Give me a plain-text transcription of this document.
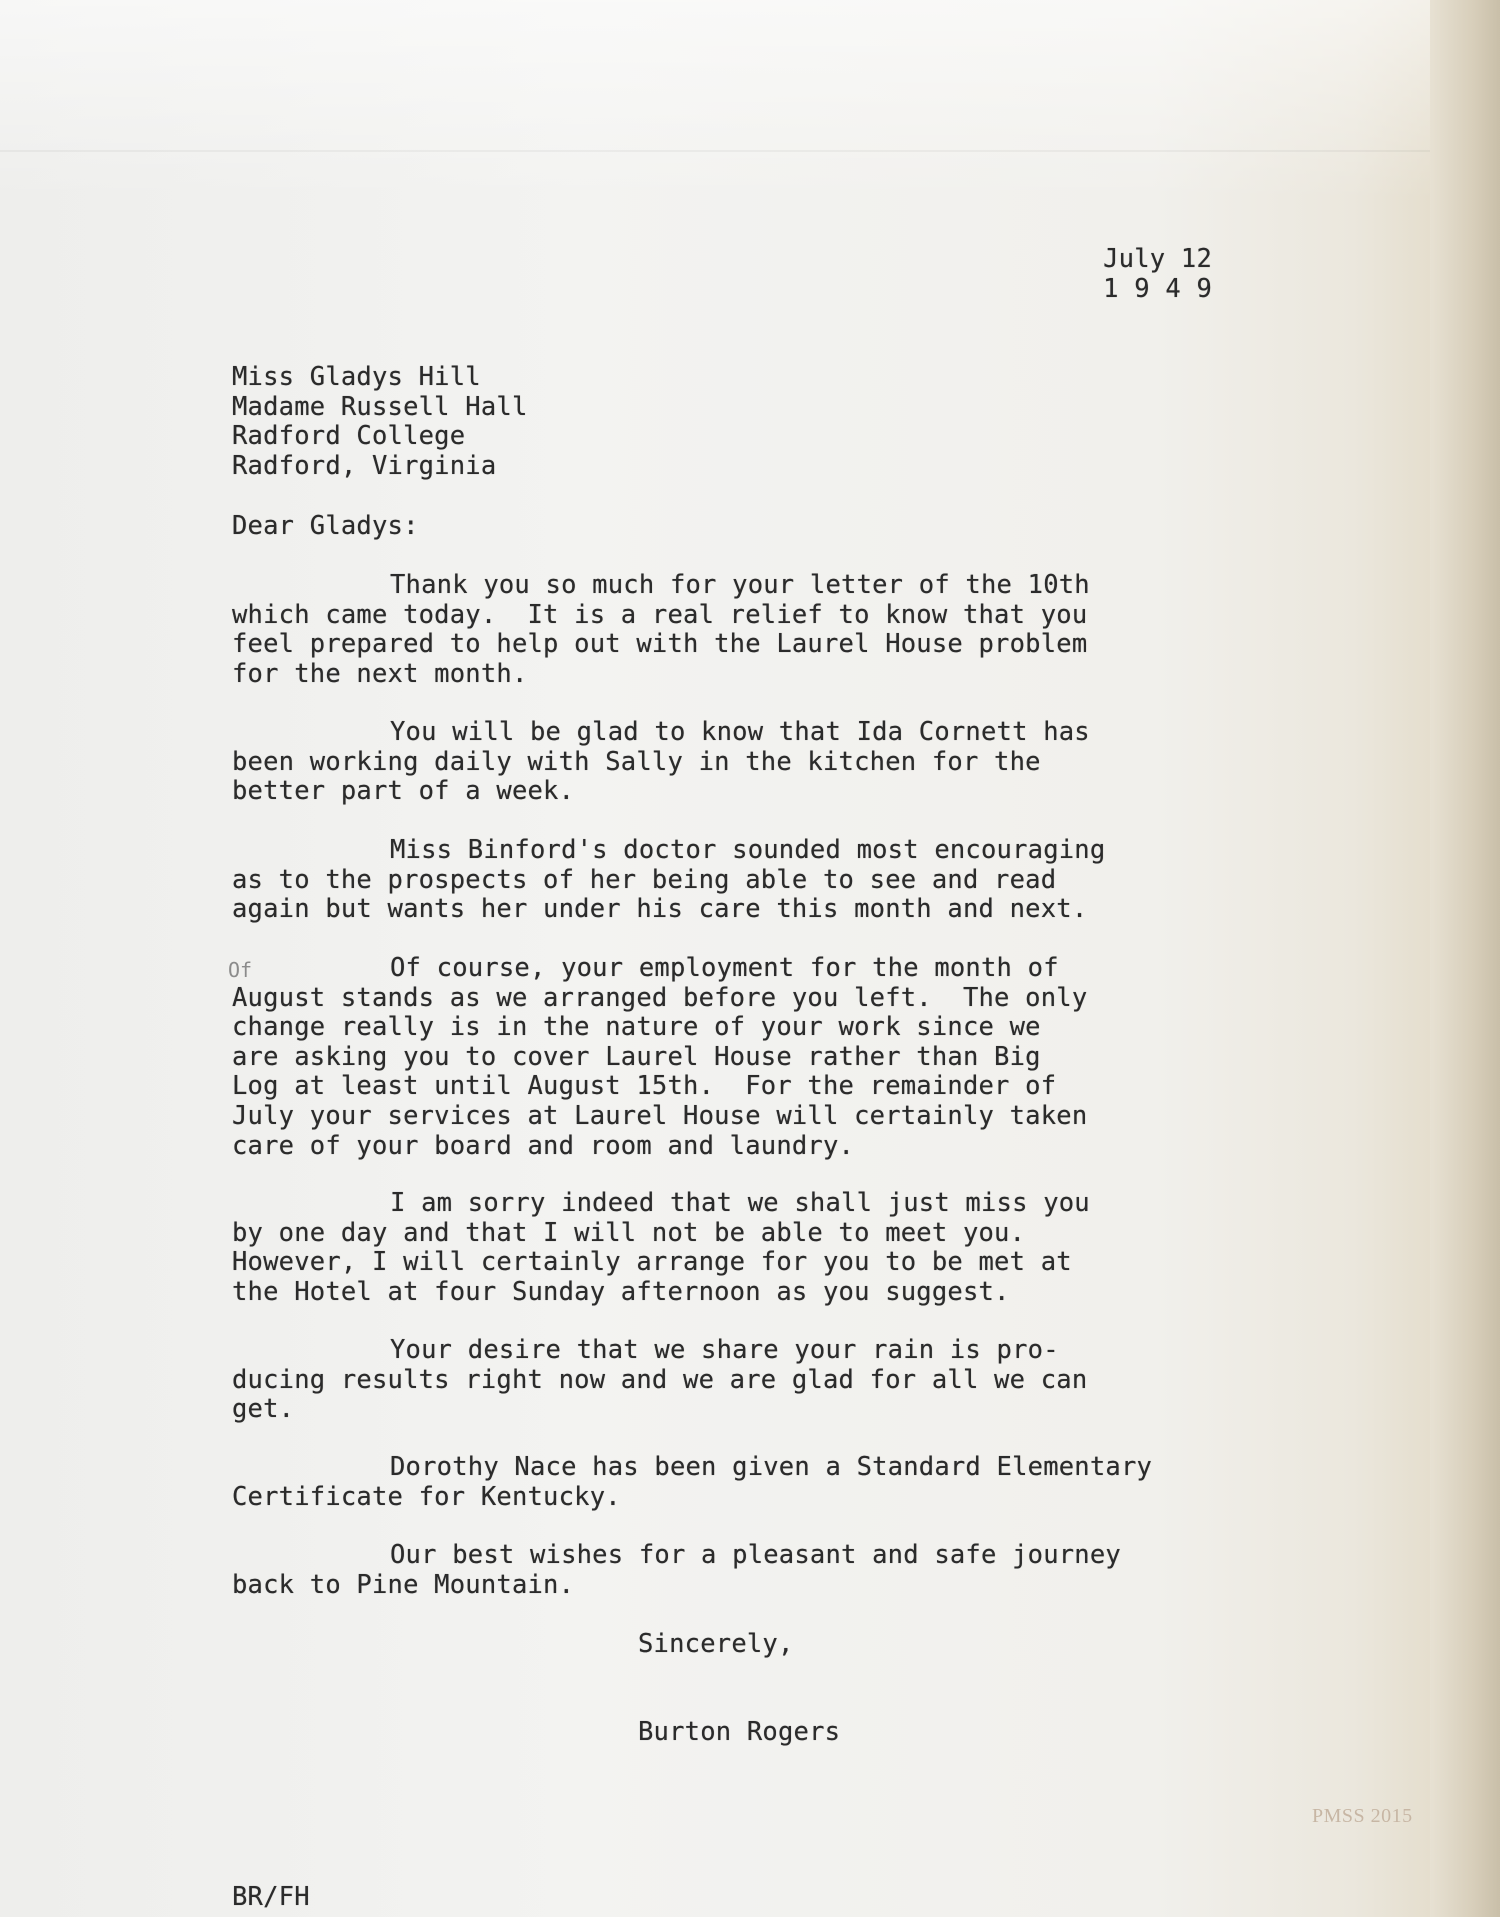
July 12
1 9 4 9
Miss Gladys Hill
Madame Russell Hall
Radford College
Radford, Virginia
Dear Gladys:
Thank you so much for your letter of the 10th
which came today.  It is a real relief to know that you
feel prepared to help out with the Laurel House problem
for the next month.
You will be glad to know that Ida Cornett has
been working daily with Sally in the kitchen for the
better part of a week.
Miss Binford's doctor sounded most encouraging
as to the prospects of her being able to see and read
again but wants her under his care this month and next.
Of	Of course, your employment for the month of
August stands as we arranged before you left.  The only
change really is in the nature of your work since we
are asking you to cover Laurel House rather than Big
Log at least until August 15th.  For the remainder of
July your services at Laurel House will certainly taken
care of your board and room and laundry.
I am sorry indeed that we shall just miss you
by one day and that I will not be able to meet you.
However, I will certainly arrange for you to be met at
the Hotel at four Sunday afternoon as you suggest.
Your desire that we share your rain is pro-
ducing results right now and we are glad for all we can
get.
Dorothy Nace has been given a Standard Elementary
Certificate for Kentucky.
Our best wishes for a pleasant and safe journey
back to Pine Mountain.
Sincerely,
Burton Rogers
PMSS 2015
BR/FH
